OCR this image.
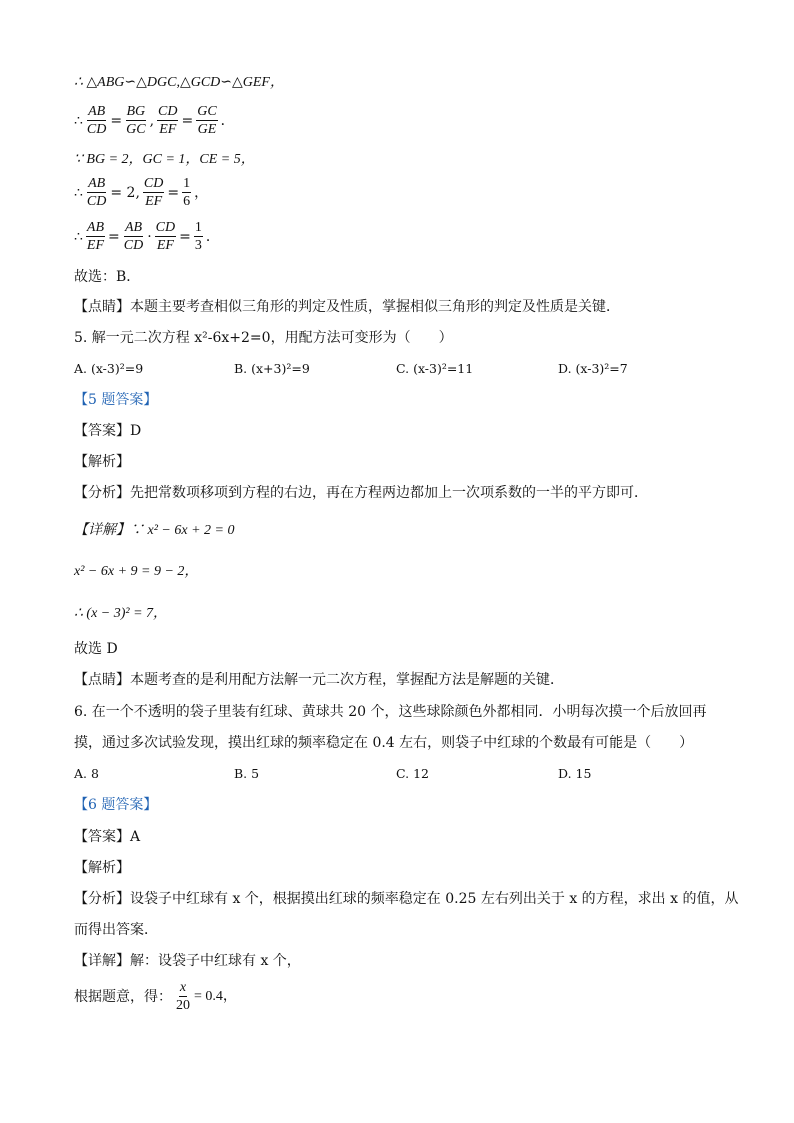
∴ △ABG∽△DGC,△GCD∽△GEF，
∴ $\frac{AB}{CD} = \frac{BG}{GC}$ , $\frac{CD}{EF} = \frac{GC}{GE}$ ．
∵ BG = 2，GC = 1，CE = 5，
∴ $\frac{AB}{CD} = 2$, $\frac{CD}{EF} = \frac{1}{6}$ ，
∴ $\frac{AB}{EF} = \frac{AB}{CD} \cdot \frac{CD}{EF} = \frac{1}{3}$ ．
故选：B．
【点睛】本题主要考查相似三角形的判定及性质，掌握相似三角形的判定及性质是关键．
5. 解一元二次方程 x²-6x+2=0，用配方法可变形为（　　）
A. (x-3)²=9	B. (x+3)²=9	C. (x-3)²=11	D. (x-3)²=7
【5 题答案】
【答案】D
【解析】
【分析】先把常数项移项到方程的右边，再在方程两边都加上一次项系数的一半的平方即可．
【详解】∵ x² − 6x + 2 = 0
x² − 6x + 9 = 9 − 2，
∴ (x − 3)² = 7，
故选 D
【点睛】本题考查的是利用配方法解一元二次方程，掌握配方法是解题的关键．
6. 在一个不透明的袋子里装有红球、黄球共 20 个，这些球除颜色外都相同．小明每次摸一个后放回再
摸，通过多次试验发现，摸出红球的频率稳定在 0.4 左右，则袋子中红球的个数最有可能是（　　）
A. 8	B. 5	C. 12	D. 15
【6 题答案】
【答案】A
【解析】
【分析】设袋子中红球有 x 个，根据摸出红球的频率稳定在 0.25 左右列出关于 x 的方程，求出 x 的值，从
而得出答案．
【详解】解：设袋子中红球有 x 个，
根据题意，得： $\frac{x}{20} = 0.4$，
